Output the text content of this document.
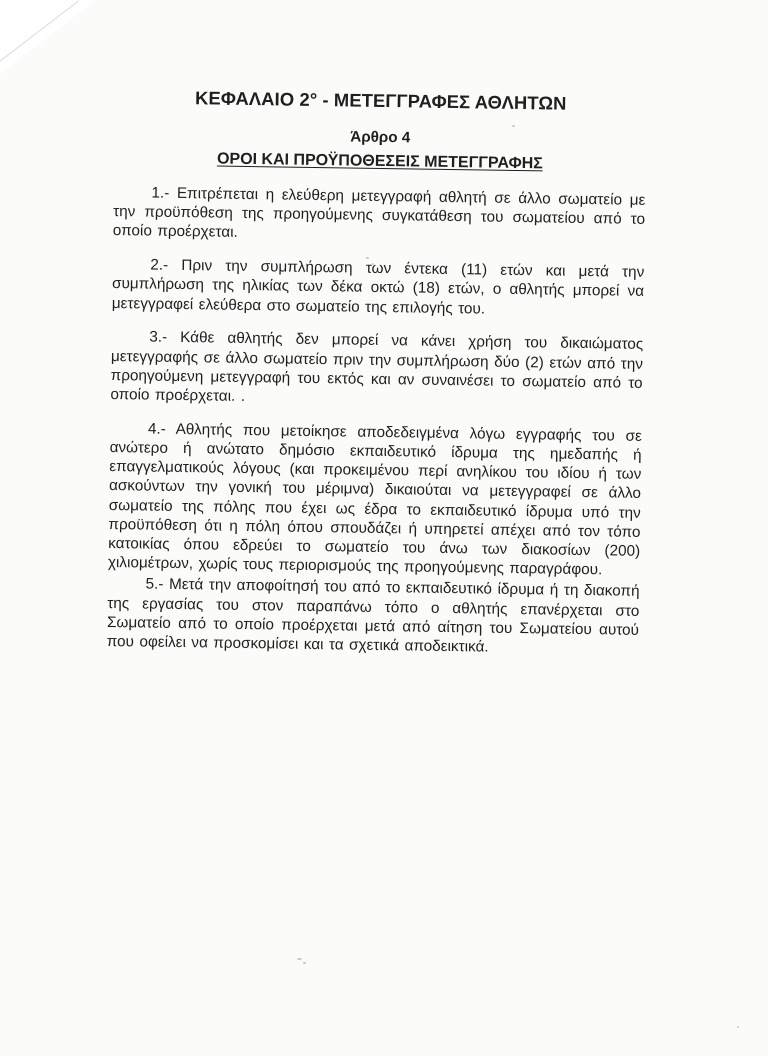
ΚΕΦΑΛΑΙΟ 2° - ΜΕΤΕΓΓΡΑΦΕΣ ΑΘΛΗΤΩΝ
Άρθρο 4
ΟΡΟΙ ΚΑΙ ΠΡΟΫΠΟΘΕΣΕΙΣ ΜΕΤΕΓΓΡΑΦΗΣ

1.- Επιτρέπεται η ελεύθερη μετεγγραφή αθλητή σε άλλο σωματείο με την προϋπόθεση της προηγούμενης συγκατάθεση του σωματείου από το οποίο προέρχεται.

2.- Πριν την συμπλήρωση των έντεκα (11) ετών και μετά την συμπλήρωση της ηλικίας των δέκα οκτώ (18) ετών, ο αθλητής μπορεί να μετεγγραφεί ελεύθερα στο σωματείο της επιλογής του.

3.- Κάθε αθλητής δεν μπορεί να κάνει χρήση του δικαιώματος μετεγγραφής σε άλλο σωματείο πριν την συμπλήρωση δύο (2) ετών από την προηγούμενη μετεγγραφή του εκτός και αν συναινέσει το σωματείο από το οποίο προέρχεται. .

4.- Αθλητής που μετοίκησε αποδεδειγμένα λόγω εγγραφής του σε ανώτερο ή ανώτατο δημόσιο εκπαιδευτικό ίδρυμα της ημεδαπής ή επαγγελματικούς λόγους (και προκειμένου περί ανηλίκου του ιδίου ή των ασκούντων την γονική του μέριμνα) δικαιούται να μετεγγραφεί σε άλλο σωματείο της πόλης που έχει ως έδρα το εκπαιδευτικό ίδρυμα υπό την προϋπόθεση ότι η πόλη όπου σπουδάζει ή υπηρετεί απέχει από τον τόπο κατοικίας όπου εδρεύει το σωματείο του άνω των διακοσίων (200) χιλιομέτρων, χωρίς τους περιορισμούς της προηγούμενης παραγράφου.

5.- Μετά την αποφοίτησή του από το εκπαιδευτικό ίδρυμα ή τη διακοπή της εργασίας του στον παραπάνω τόπο ο αθλητής επανέρχεται στο Σωματείο από το οποίο προέρχεται μετά από αίτηση του Σωματείου αυτού που οφείλει να προσκομίσει και τα σχετικά αποδεικτικά.
